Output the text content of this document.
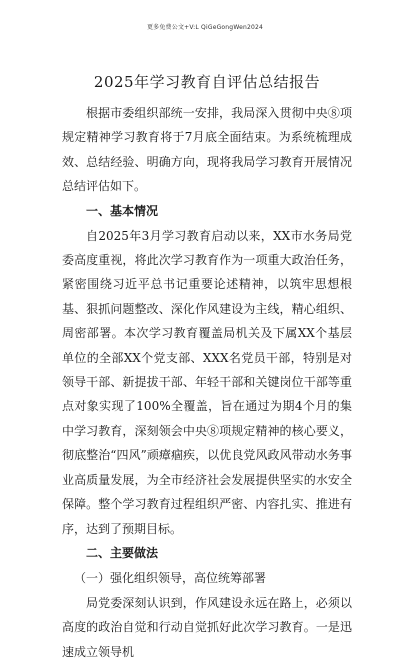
更多免费公文+V:L QiGeGongWen2024
2025年学习教育自评估总结报告

根据市委组织部统一安排，我局深入贯彻中央⑧项规定精神学习教育将于7月底全面结束。为系统梳理成效、总结经验、明确方向，现将我局学习教育开展情况总结评估如下。

一、基本情况

自2025年3月学习教育启动以来，XX市水务局党委高度重视，将此次学习教育作为一项重大政治任务，紧密围绕习近平总书记重要论述精神，以筑牢思想根基、狠抓问题整改、深化作风建设为主线，精心组织、周密部署。本次学习教育覆盖局机关及下属XX个基层单位的全部XX个党支部、XXX名党员干部，特别是对领导干部、新提拔干部、年轻干部和关键岗位干部等重点对象实现了100%全覆盖，旨在通过为期4个月的集中学习教育，深刻领会中央⑧项规定精神的核心要义，彻底整治“四风”顽瘴痼疾，以优良党风政风带动水务事业高质量发展，为全市经济社会发展提供坚实的水安全保障。整个学习教育过程组织严密、内容扎实、推进有序，达到了预期目标。

二、主要做法
（一）强化组织领导，高位统筹部署

局党委深刻认识到，作风建设永远在路上，必须以高度的政治自觉和行动自觉抓好此次学习教育。一是迅速成立领导机
